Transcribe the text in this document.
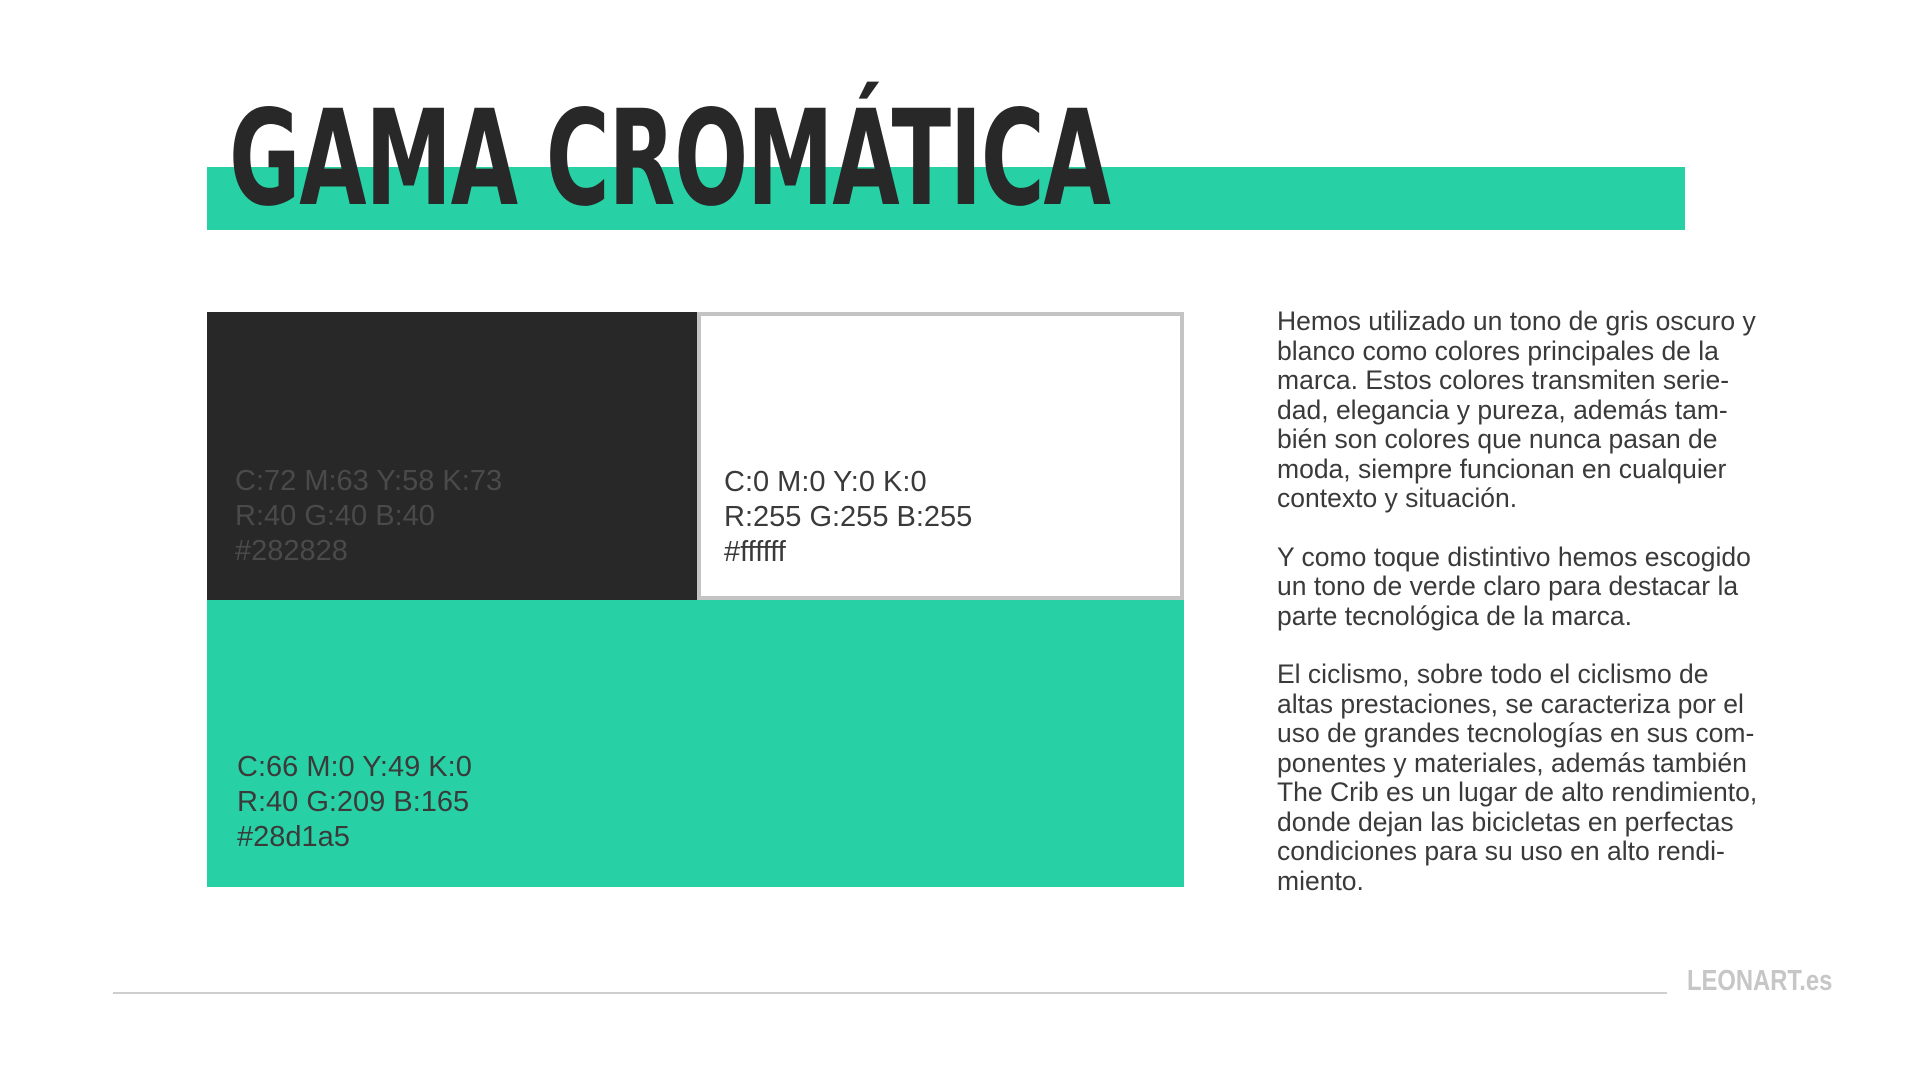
GAMA CROMÁTICA
C:72 M:63 Y:58 K:73
R:40 G:40 B:40
#282828
C:0 M:0 Y:0 K:0
R:255 G:255 B:255
#ffffff
C:66 M:0 Y:49 K:0
R:40 G:209 B:165
#28d1a5

Hemos utilizado un tono de gris oscuro y
blanco como colores principales de la
marca. Estos colores transmiten serie-
dad, elegancia y pureza, además tam-
bién son colores que nunca pasan de
moda, siempre funcionan en cualquier
contexto y situación.

Y como toque distintivo hemos escogido
un tono de verde claro para destacar la
parte tecnológica de la marca.

El ciclismo, sobre todo el ciclismo de
altas prestaciones, se caracteriza por el
uso de grandes tecnologías en sus com-
ponentes y materiales, además también
The Crib es un lugar de alto rendimiento,
donde dejan las bicicletas en perfectas
condiciones para su uso en alto rendi-
miento.

LEONART.es
